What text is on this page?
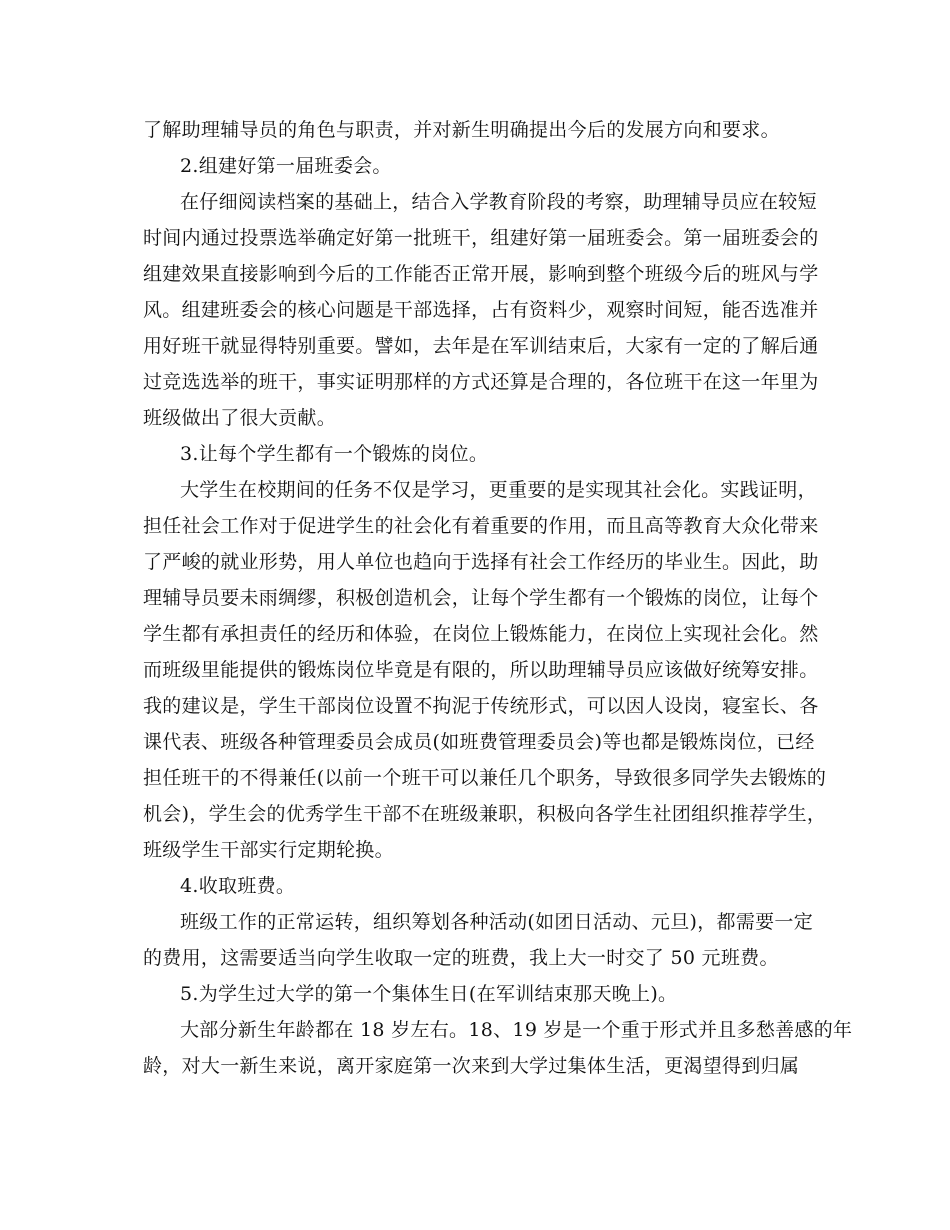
了解助理辅导员的角色与职责，并对新生明确提出今后的发展方向和要求。
2.组建好第一届班委会。
在仔细阅读档案的基础上，结合入学教育阶段的考察，助理辅导员应在较短
时间内通过投票选举确定好第一批班干，组建好第一届班委会。第一届班委会的
组建效果直接影响到今后的工作能否正常开展，影响到整个班级今后的班风与学
风。组建班委会的核心问题是干部选择，占有资料少，观察时间短，能否选准并
用好班干就显得特别重要。譬如，去年是在军训结束后，大家有一定的了解后通
过竞选选举的班干，事实证明那样的方式还算是合理的，各位班干在这一年里为
班级做出了很大贡献。
3.让每个学生都有一个锻炼的岗位。
大学生在校期间的任务不仅是学习，更重要的是实现其社会化。实践证明，
担任社会工作对于促进学生的社会化有着重要的作用，而且高等教育大众化带来
了严峻的就业形势，用人单位也趋向于选择有社会工作经历的毕业生。因此，助
理辅导员要未雨绸缪，积极创造机会，让每个学生都有一个锻炼的岗位，让每个
学生都有承担责任的经历和体验，在岗位上锻炼能力，在岗位上实现社会化。然
而班级里能提供的锻炼岗位毕竟是有限的，所以助理辅导员应该做好统筹安排。
我的建议是，学生干部岗位设置不拘泥于传统形式，可以因人设岗，寝室长、各
课代表、班级各种管理委员会成员(如班费管理委员会)等也都是锻炼岗位，已经
担任班干的不得兼任(以前一个班干可以兼任几个职务，导致很多同学失去锻炼的
机会)，学生会的优秀学生干部不在班级兼职，积极向各学生社团组织推荐学生，
班级学生干部实行定期轮换。
4.收取班费。
班级工作的正常运转，组织筹划各种活动(如团日活动、元旦)，都需要一定
的费用，这需要适当向学生收取一定的班费，我上大一时交了 50 元班费。
5.为学生过大学的第一个集体生日(在军训结束那天晚上)。
大部分新生年龄都在 18 岁左右。18、19 岁是一个重于形式并且多愁善感的年
龄，对大一新生来说，离开家庭第一次来到大学过集体生活，更渴望得到归属
